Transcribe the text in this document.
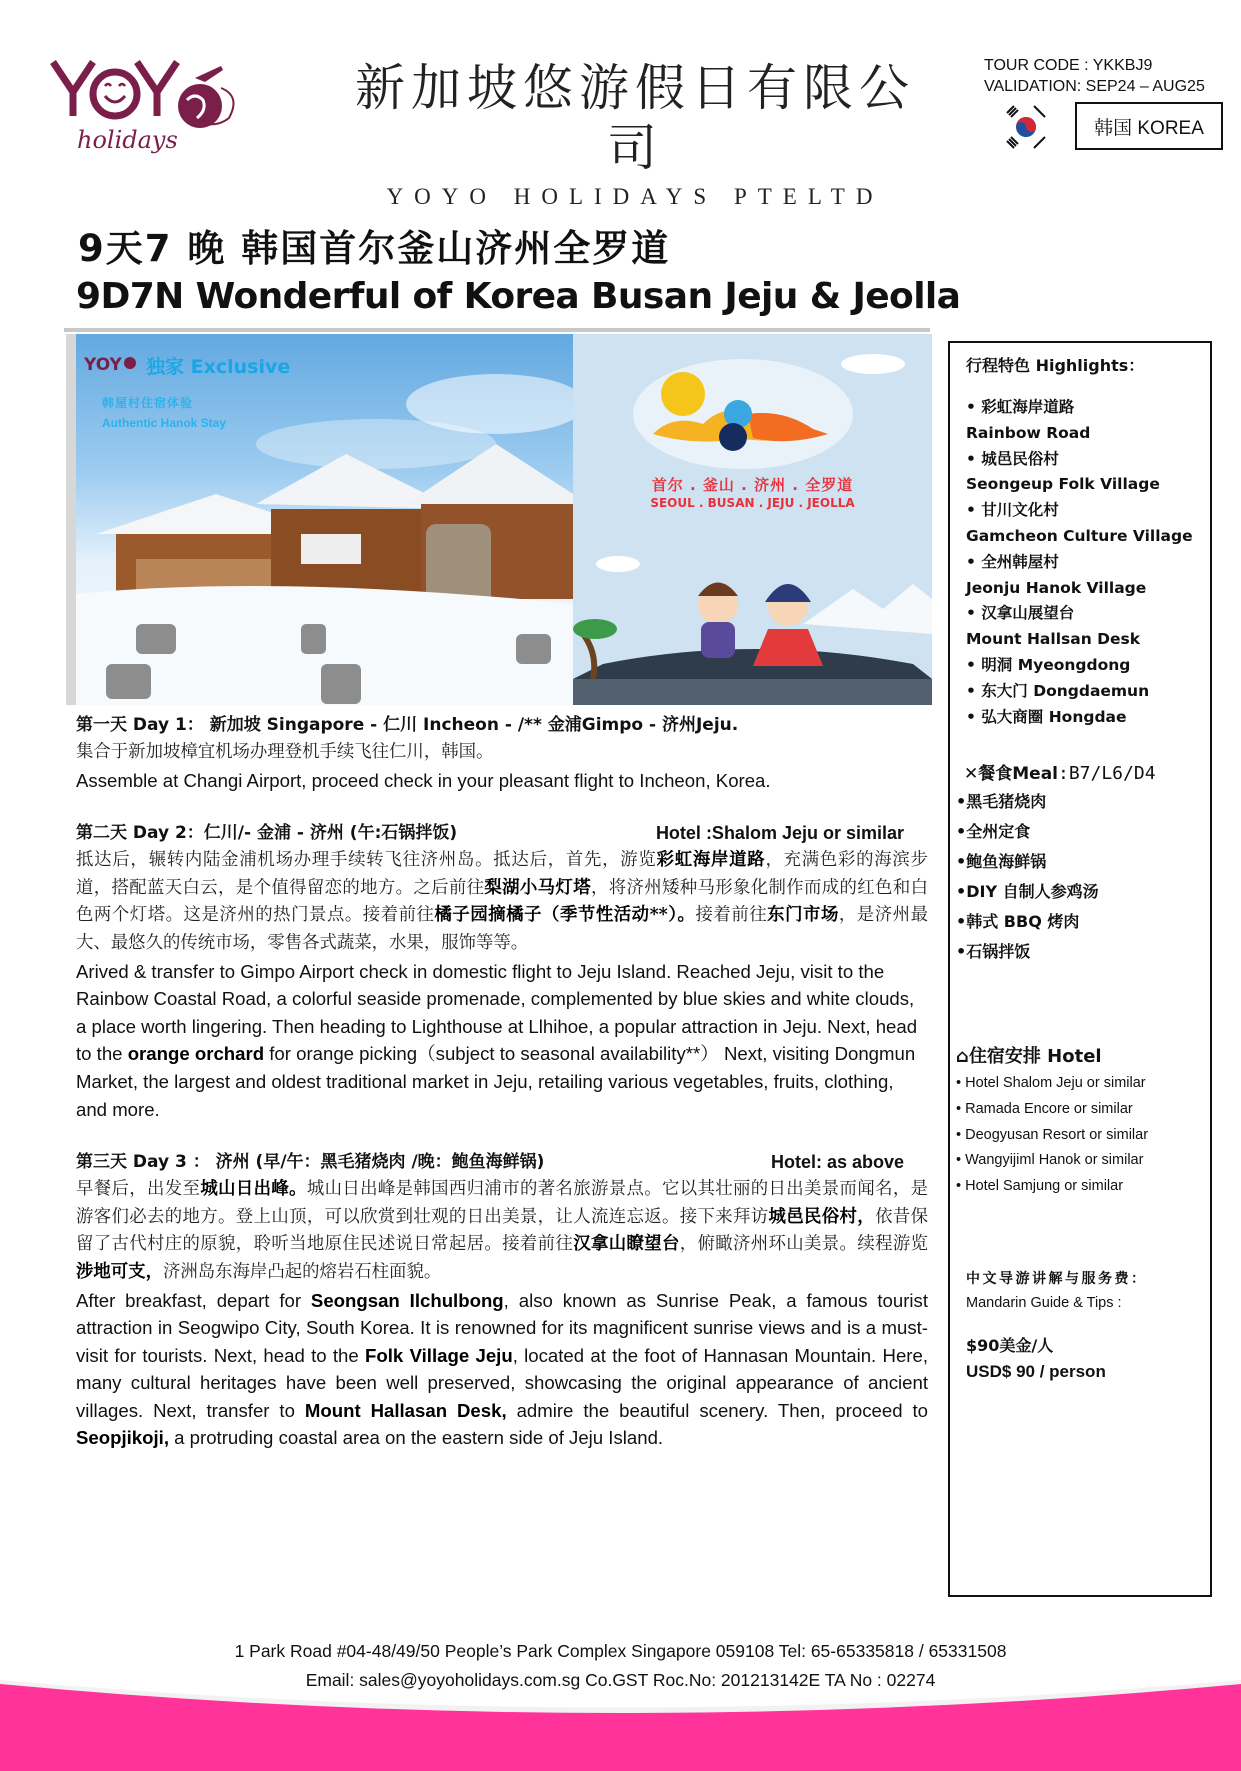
holidays
新加坡悠游假日有限公司
YOYO HOLIDAYS PTELTD
TOUR CODE : YKKBJ9
VALIDATION: SEP24 – AUG25
韩国 KOREA
9天7 晚 韩国首尔釜山济州全罗道
9D7N Wonderful of Korea Busan Jeju & Jeolla
YOY 独家 Exclusive
韩屋村住宿体验
Authentic Hanok Stay
首尔 . 釜山 . 济州 . 全罗道
SEOUL . BUSAN . JEJU . JEOLLA
第一天 Day 1： 新加坡 Singapore - 仁川 Incheon - /** 金浦Gimpo - 济州Jeju.
集合于新加坡樟宜机场办理登机手续飞往仁川，韩国。
Assemble at Changi Airport, proceed check in your pleasant flight to Incheon, Korea.
第二天 Day 2：仁川/- 金浦 - 济州 (午:石锅拌饭)	Hotel :Shalom Jeju or similar
抵达后，辗转内陆金浦机场办理手续转飞往济州岛。抵达后，首先，游览彩虹海岸道路，充满色彩的海滨步道，搭配蓝天白云，是个值得留恋的地方。之后前往梨湖小马灯塔，将济州矮种马形象化制作而成的红色和白色两个灯塔。这是济州的热门景点。接着前往橘子园摘橘子（季节性活动**）。接着前往东门市场，是济州最大、最悠久的传统市场，零售各式蔬菜，水果，服饰等等。
Arived & transfer to Gimpo Airport check in domestic flight to Jeju Island. Reached Jeju, visit to the Rainbow Coastal Road, a colorful seaside promenade, complemented by blue skies and white clouds, a place worth lingering. Then heading to Lighthouse at Llhihoe, a popular attraction in Jeju. Next, head to the orange orchard for orange picking（subject to seasonal availability**） Next, visiting Dongmun Market, the largest and oldest traditional market in Jeju, retailing various vegetables, fruits, clothing, and more.
第三天 Day 3 ： 济州 (早/午：黑毛猪烧肉 /晚：鲍鱼海鲜锅)	Hotel: as above
早餐后，出发至城山日出峰。城山日出峰是韩国西归浦市的著名旅游景点。它以其壮丽的日出美景而闻名，是游客们必去的地方。登上山顶，可以欣赏到壮观的日出美景，让人流连忘返。接下来拜访城邑民俗村，依昔保留了古代村庄的原貌，聆听当地原住民述说日常起居。接着前往汉拿山瞭望台，俯瞰济州环山美景。续程游览涉地可支，济洲岛东海岸凸起的熔岩石柱面貌。
After breakfast, depart for Seongsan Ilchulbong, also known as Sunrise Peak, a famous tourist attraction in Seogwipo City, South Korea. It is renowned for its magnificent sunrise views and is a must-visit for tourists. Next, head to the Folk Village Jeju, located at the foot of Hannasan Mountain. Here, many cultural heritages have been well preserved, showcasing the original appearance of ancient villages. Next, transfer to Mount Hallasan Desk, admire the beautiful scenery. Then, proceed to Seopjikoji, a protruding coastal area on the eastern side of Jeju Island.
行程特色 Highlights：
• 彩虹海岸道路
Rainbow Road
• 城邑民俗村
Seongeup Folk Village
• 甘川文化村
Gamcheon Culture Village
• 全州韩屋村
Jeonju Hanok Village
• 汉拿山展望台
Mount Hallsan Desk
• 明洞 Myeongdong
• 东大门 Dongdaemun
• 弘大商圈 Hongdae
✕餐食Meal:B7/L6/D4
•黑毛猪烧肉
•全州定食
•鲍鱼海鲜锅
•DIY 自制人参鸡汤
•韩式 BBQ 烤肉
•石锅拌饭
⌂住宿安排 Hotel
• Hotel Shalom Jeju or similar
• Ramada Encore or similar
• Deogyusan Resort or similar
• Wangyijiml Hanok or similar
• Hotel Samjung or similar
中文导游讲解与服务费：
Mandarin Guide & Tips :
$90美金/人
USD$ 90 / person
1 Park Road #04-48/49/50 People’s Park Complex Singapore 059108 Tel: 65-65335818 / 65331508
Email: sales@yoyoholidays.com.sg Co.GST Roc.No: 201213142E TA No : 02274
